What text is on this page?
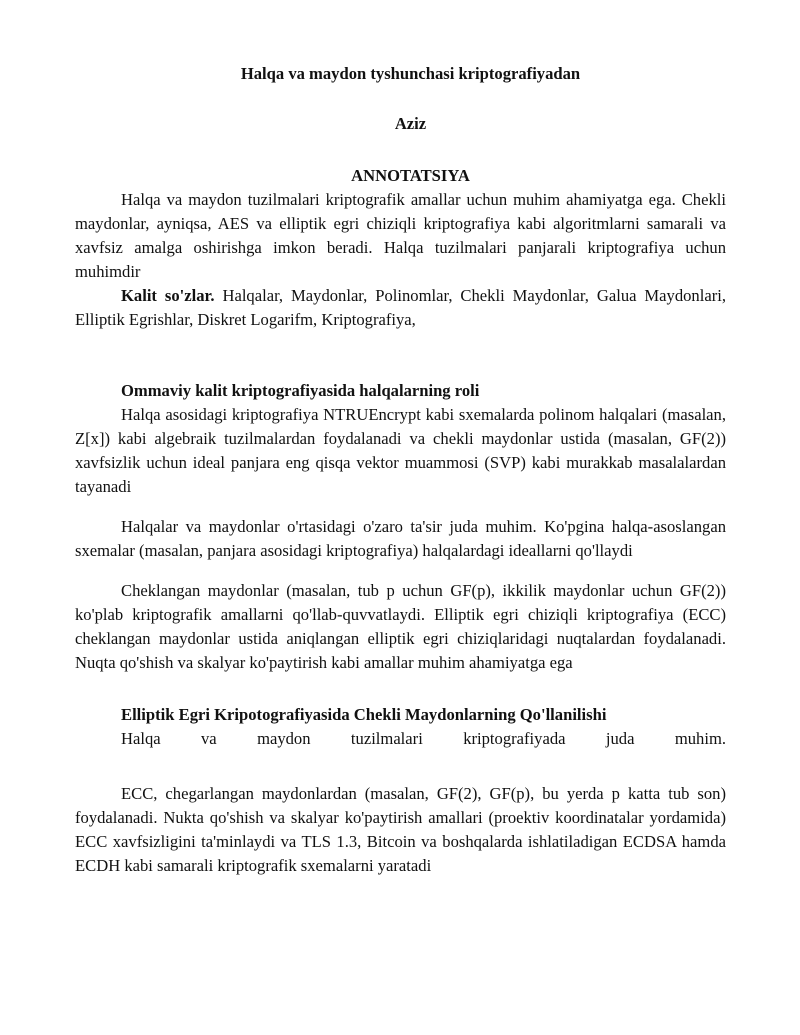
Halqa va maydon tyshunchasi kriptografiyadan
Aziz
ANNOTATSIYA

Halqa va maydon tuzilmalari kriptografik amallar uchun muhim ahamiyatga ega. Chekli maydonlar, ayniqsa, AES va elliptik egri chiziqli kriptografiya kabi algoritmlarni samarali va xavfsiz amalga oshirishga imkon beradi. Halqa tuzilmalari panjarali kriptografiya uchun muhimdir

Kalit so'zlar. Halqalar, Maydonlar, Polinomlar, Chekli Maydonlar, Galua Maydonlari, Elliptik Egrishlar, Diskret Logarifm, Kriptografiya,

Ommaviy kalit kriptografiyasida halqalarning roli

Halqa asosidagi kriptografiya NTRUEncrypt kabi sxemalarda polinom halqalari (masalan, Z[x]) kabi algebraik tuzilmalardan foydalanadi va chekli maydonlar ustida (masalan, GF(2)) xavfsizlik uchun ideal panjara eng qisqa vektor muammosi (SVP) kabi murakkab masalalardan tayanadi

Halqalar va maydonlar o'rtasidagi o'zaro ta'sir juda muhim. Ko'pgina halqa-asoslangan sxemalar (masalan, panjara asosidagi kriptografiya) halqalardagi ideallarni qo'llaydi

Cheklangan maydonlar (masalan, tub p uchun GF(p), ikkilik maydonlar uchun GF(2)) ko'plab kriptografik amallarni qo'llab-quvvatlaydi. Elliptik egri chiziqli kriptografiya (ECC) cheklangan maydonlar ustida aniqlangan elliptik egri chiziqlaridagi nuqtalardan foydalanadi. Nuqta qo'shish va skalyar ko'paytirish kabi amallar muhim ahamiyatga ega

Elliptik Egri Kripotografiyasida Chekli Maydonlarning Qo'llanilishi

Halqa va maydon tuzilmalari kriptografiyada juda muhim.

ECC, chegarlangan maydonlardan (masalan, GF(2), GF(p), bu yerda p katta tub son) foydalanadi. Nukta qo'shish va skalyar ko'paytirish amallari (proektiv koordinatalar yordamida) ECC xavfsizligini ta'minlaydi va TLS 1.3, Bitcoin va boshqalarda ishlatiladigan ECDSA hamda ECDH kabi samarali kriptografik sxemalarni yaratadi
